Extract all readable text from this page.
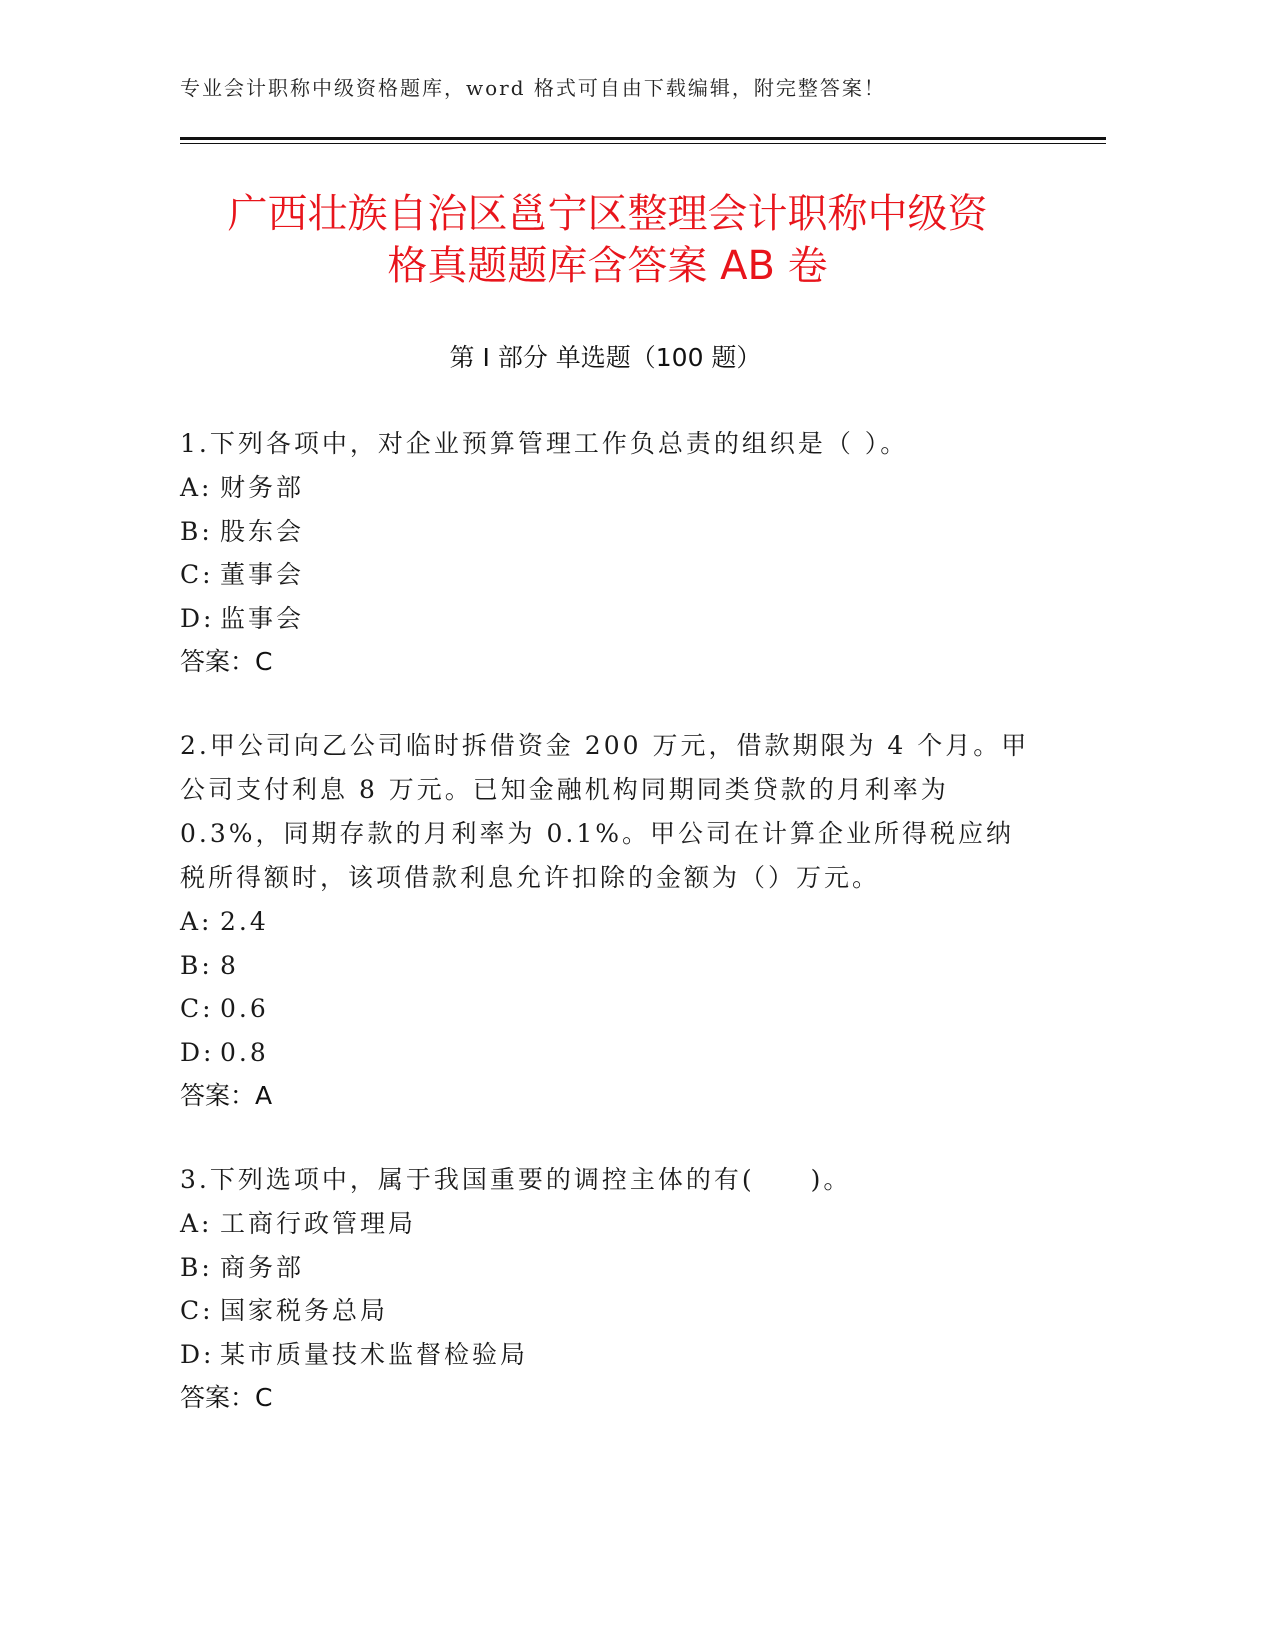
专业会计职称中级资格题库，word 格式可自由下载编辑，附完整答案！
广西壮族自治区邕宁区整理会计职称中级资
格真题题库含答案 AB 卷
第 I 部分 单选题（100 题）

1.下列各项中，对企业预算管理工作负总责的组织是（ ）。

A: 财务部
B: 股东会
C: 董事会
D: 监事会
答案：C

2.甲公司向乙公司临时拆借资金 200 万元，借款期限为 4 个月。甲公司支付利息 8 万元。已知金融机构同期同类贷款的月利率为 0.3%，同期存款的月利率为 0.1%。甲公司在计算企业所得税应纳税所得额时，该项借款利息允许扣除的金额为（）万元。

A: 2.4
B: 8
C: 0.6
D: 0.8
答案：A

3.下列选项中，属于我国重要的调控主体的有(　　)。

A: 工商行政管理局
B: 商务部
C: 国家税务总局
D: 某市质量技术监督检验局
答案：C
